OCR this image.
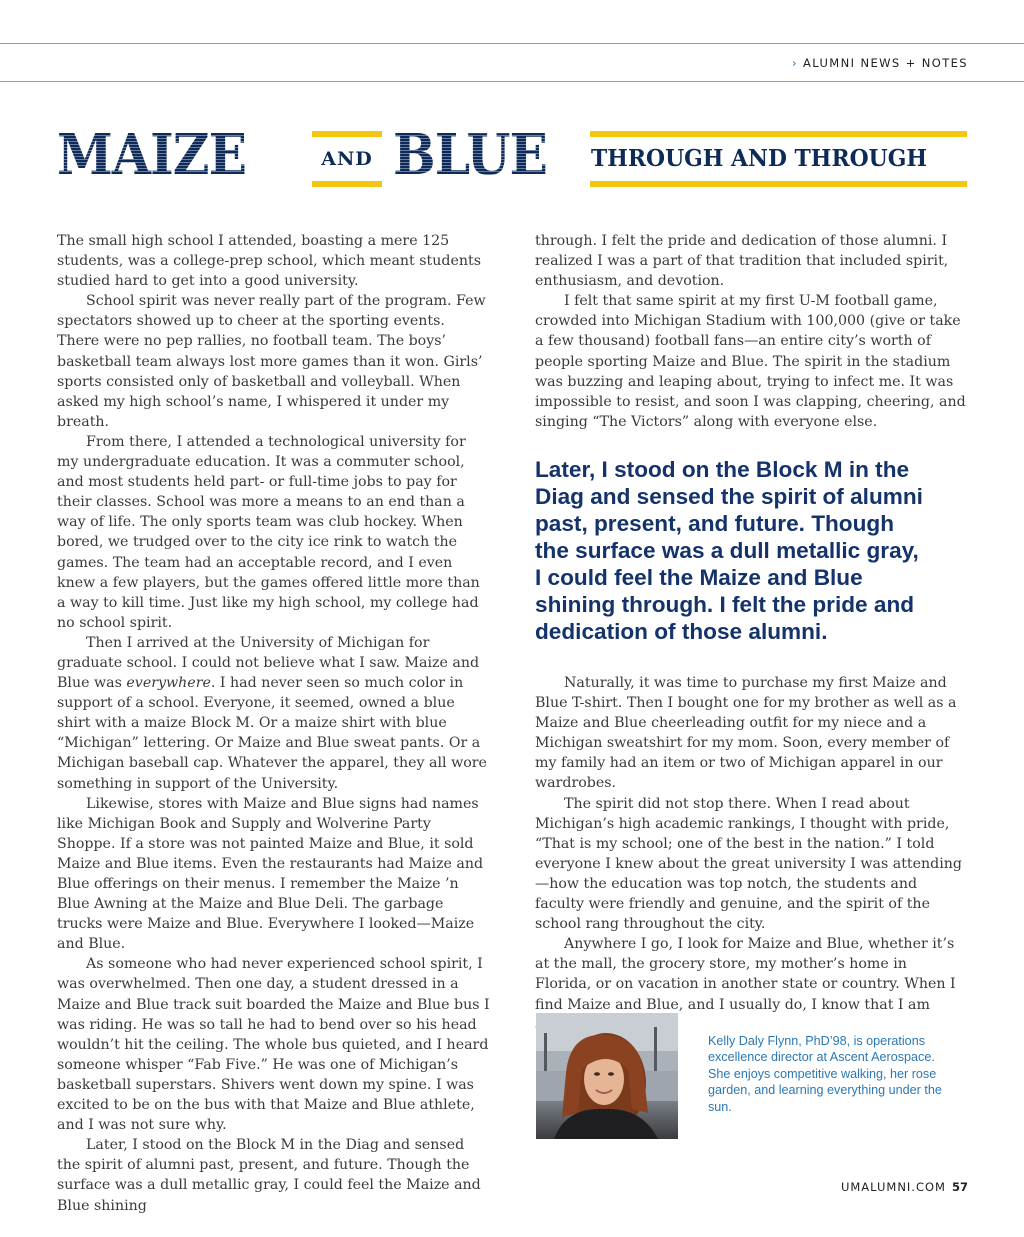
› ALUMNI NEWS + NOTES
MAIZE	AND BLUE THROUGH AND THROUGH

The small high school I attended, boasting a mere 125 students, was a college-prep school, which meant students studied hard to get into a good university.

School spirit was never really part of the program. Few spectators showed up to cheer at the sporting events. There were no pep rallies, no football team. The boys’ basketball team always lost more games than it won. Girls’ sports consisted only of basketball and volleyball. When asked my high school’s name, I whispered it under my breath.

From there, I attended a technological university for my undergraduate education. It was a commuter school, and most students held part- or full-time jobs to pay for their classes. School was more a means to an end than a way of life. The only sports team was club hockey. When bored, we trudged over to the city ice rink to watch the games. The team had an acceptable record, and I even knew a few players, but the games offered little more than a way to kill time. Just like my high school, my college had no school spirit.

Then I arrived at the University of Michigan for graduate school. I could not believe what I saw. Maize and Blue was everywhere. I had never seen so much color in support of a school. Everyone, it seemed, owned a blue shirt with a maize Block M. Or a maize shirt with blue “Michigan” lettering. Or Maize and Blue sweat pants. Or a Michigan baseball cap. Whatever the apparel, they all wore something in support of the University.

Likewise, stores with Maize and Blue signs had names like Michigan Book and Supply and Wolverine Party Shoppe. If a store was not painted Maize and Blue, it sold Maize and Blue items. Even the restaurants had Maize and Blue offerings on their menus. I remember the Maize ’n Blue Awning at the Maize and Blue Deli. The garbage trucks were Maize and Blue. Everywhere I looked—Maize and Blue.

As someone who had never experienced school spirit, I was overwhelmed. Then one day, a student dressed in a Maize and Blue track suit boarded the Maize and Blue bus I was riding. He was so tall he had to bend over so his head wouldn’t hit the ceiling. The whole bus quieted, and I heard someone whisper “Fab Five.” He was one of Michigan’s basketball superstars. Shivers went down my spine. I was excited to be on the bus with that Maize and Blue athlete, and I was not sure why.

Later, I stood on the Block M in the Diag and sensed the spirit of alumni past, present, and future. Though the surface was a dull metallic gray, I could feel the Maize and Blue shining

through. I felt the pride and dedication of those alumni. I realized I was a part of that tradition that included spirit, enthusiasm, and devotion.

I felt that same spirit at my first U-M football game, crowded into Michigan Stadium with 100,000 (give or take a few thousand) football fans—an entire city’s worth of people sporting Maize and Blue. The spirit in the stadium was buzzing and leaping about, trying to infect me. It was impossible to resist, and soon I was clapping, cheering, and singing “The Victors” along with everyone else.

Later, I stood on the Block M in the Diag and sensed the spirit of alumni past, present, and future. Though the surface was a dull metallic gray, I could feel the Maize and Blue shining through. I felt the pride and dedication of those alumni.

Naturally, it was time to purchase my first Maize and Blue T-shirt. Then I bought one for my brother as well as a Maize and Blue cheerleading outfit for my niece and a Michigan sweatshirt for my mom. Soon, every member of my family had an item or two of Michigan apparel in our wardrobes.

The spirit did not stop there. When I read about Michigan’s high academic rankings, I thought with pride, “That is my school; one of the best in the nation.” I told everyone I knew about the great university I was attending—how the education was top notch, the students and faculty were friendly and genuine, and the spirit of the school rang throughout the city.

Anywhere I go, I look for Maize and Blue, whether it’s at the mall, the grocery store, my mother’s home in Florida, or on vacation in another state or country. When I find Maize and Blue, and I usually do, I know that I am

Kelly Daly Flynn, PhD’98, is operations excellence director at Ascent Aerospace. She enjoys competitive walking, her rose garden, and learning everything under the sun.

UMALUMNI.COM 57
